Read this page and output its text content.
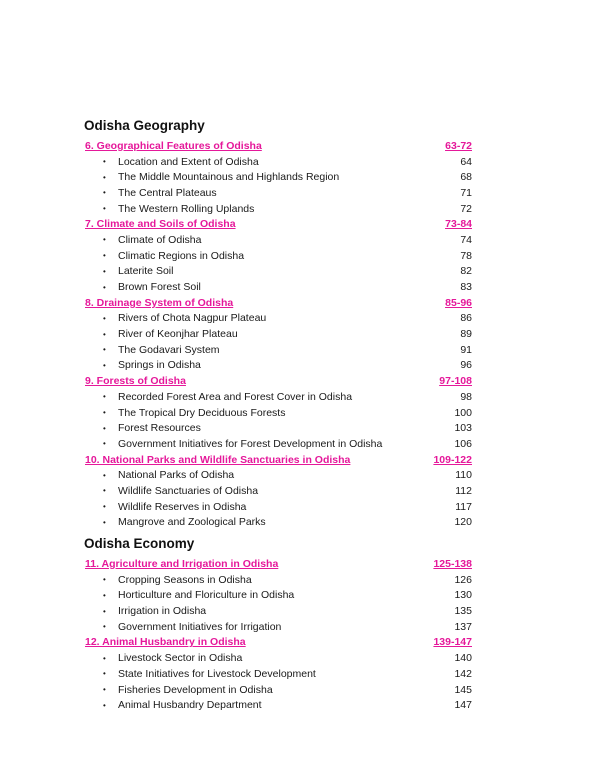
Odisha Geography
6. Geographical Features of Odisha	63-72
•	Location and Extent of Odisha	64
•	The Middle Mountainous and Highlands Region	68
•	The Central Plateaus	71
•	The Western Rolling Uplands	72
7. Climate and Soils of Odisha	73-84
•	Climate of Odisha	74
•	Climatic Regions in Odisha	78
•	Laterite Soil	82
•	Brown Forest Soil	83
8. Drainage System of Odisha	85-96
•	Rivers of Chota Nagpur Plateau	86
•	River of Keonjhar Plateau	89
•	The Godavari System	91
•	Springs in Odisha	96
9. Forests of Odisha	97-108
•	Recorded Forest Area and Forest Cover in Odisha	98
•	The Tropical Dry Deciduous Forests	100
•	Forest Resources	103
•	Government Initiatives for Forest Development in Odisha	106
10. National Parks and Wildlife Sanctuaries in Odisha	109-122
•	National Parks of Odisha	110
•	Wildlife Sanctuaries of Odisha	112
•	Wildlife Reserves in Odisha	117
•	Mangrove and Zoological Parks	120
Odisha Economy
11. Agriculture and Irrigation in Odisha	125-138
•	Cropping Seasons in Odisha	126
•	Horticulture and Floriculture in Odisha	130
•	Irrigation in Odisha	135
•	Government Initiatives for Irrigation	137
12. Animal Husbandry in Odisha	139-147
•	Livestock Sector in Odisha	140
•	State Initiatives for Livestock Development	142
•	Fisheries Development in Odisha	145
•	Animal Husbandry Department	147
